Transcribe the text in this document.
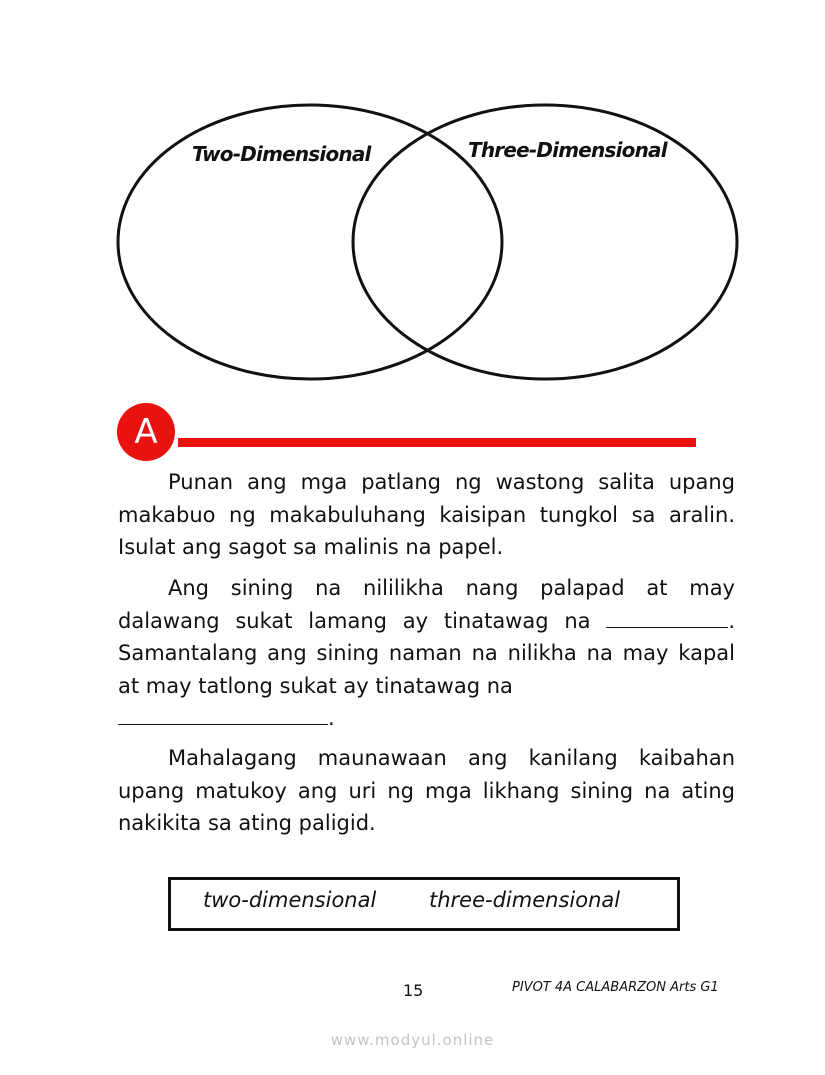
Two-Dimensional	Three-Dimensional
A

Punan ang mga patlang ng wastong salita upang makabuo ng makabuluhang kaisipan tungkol sa aralin. Isulat ang sagot sa malinis na papel.

Ang sining na nililikha nang palapad at may dalawang sukat lamang ay tinatawag na	. Samantalang ang sining naman na nilikha na may kapal at may tatlong sukat ay tinatawag na
.

Mahalagang maunawaan ang kanilang kaibahan upang matukoy ang uri ng mga likhang sining na ating nakikita sa ating paligid.

two-dimensional	three-dimensional
15	PIVOT 4A CALABARZON Arts G1
www.modyul.online
